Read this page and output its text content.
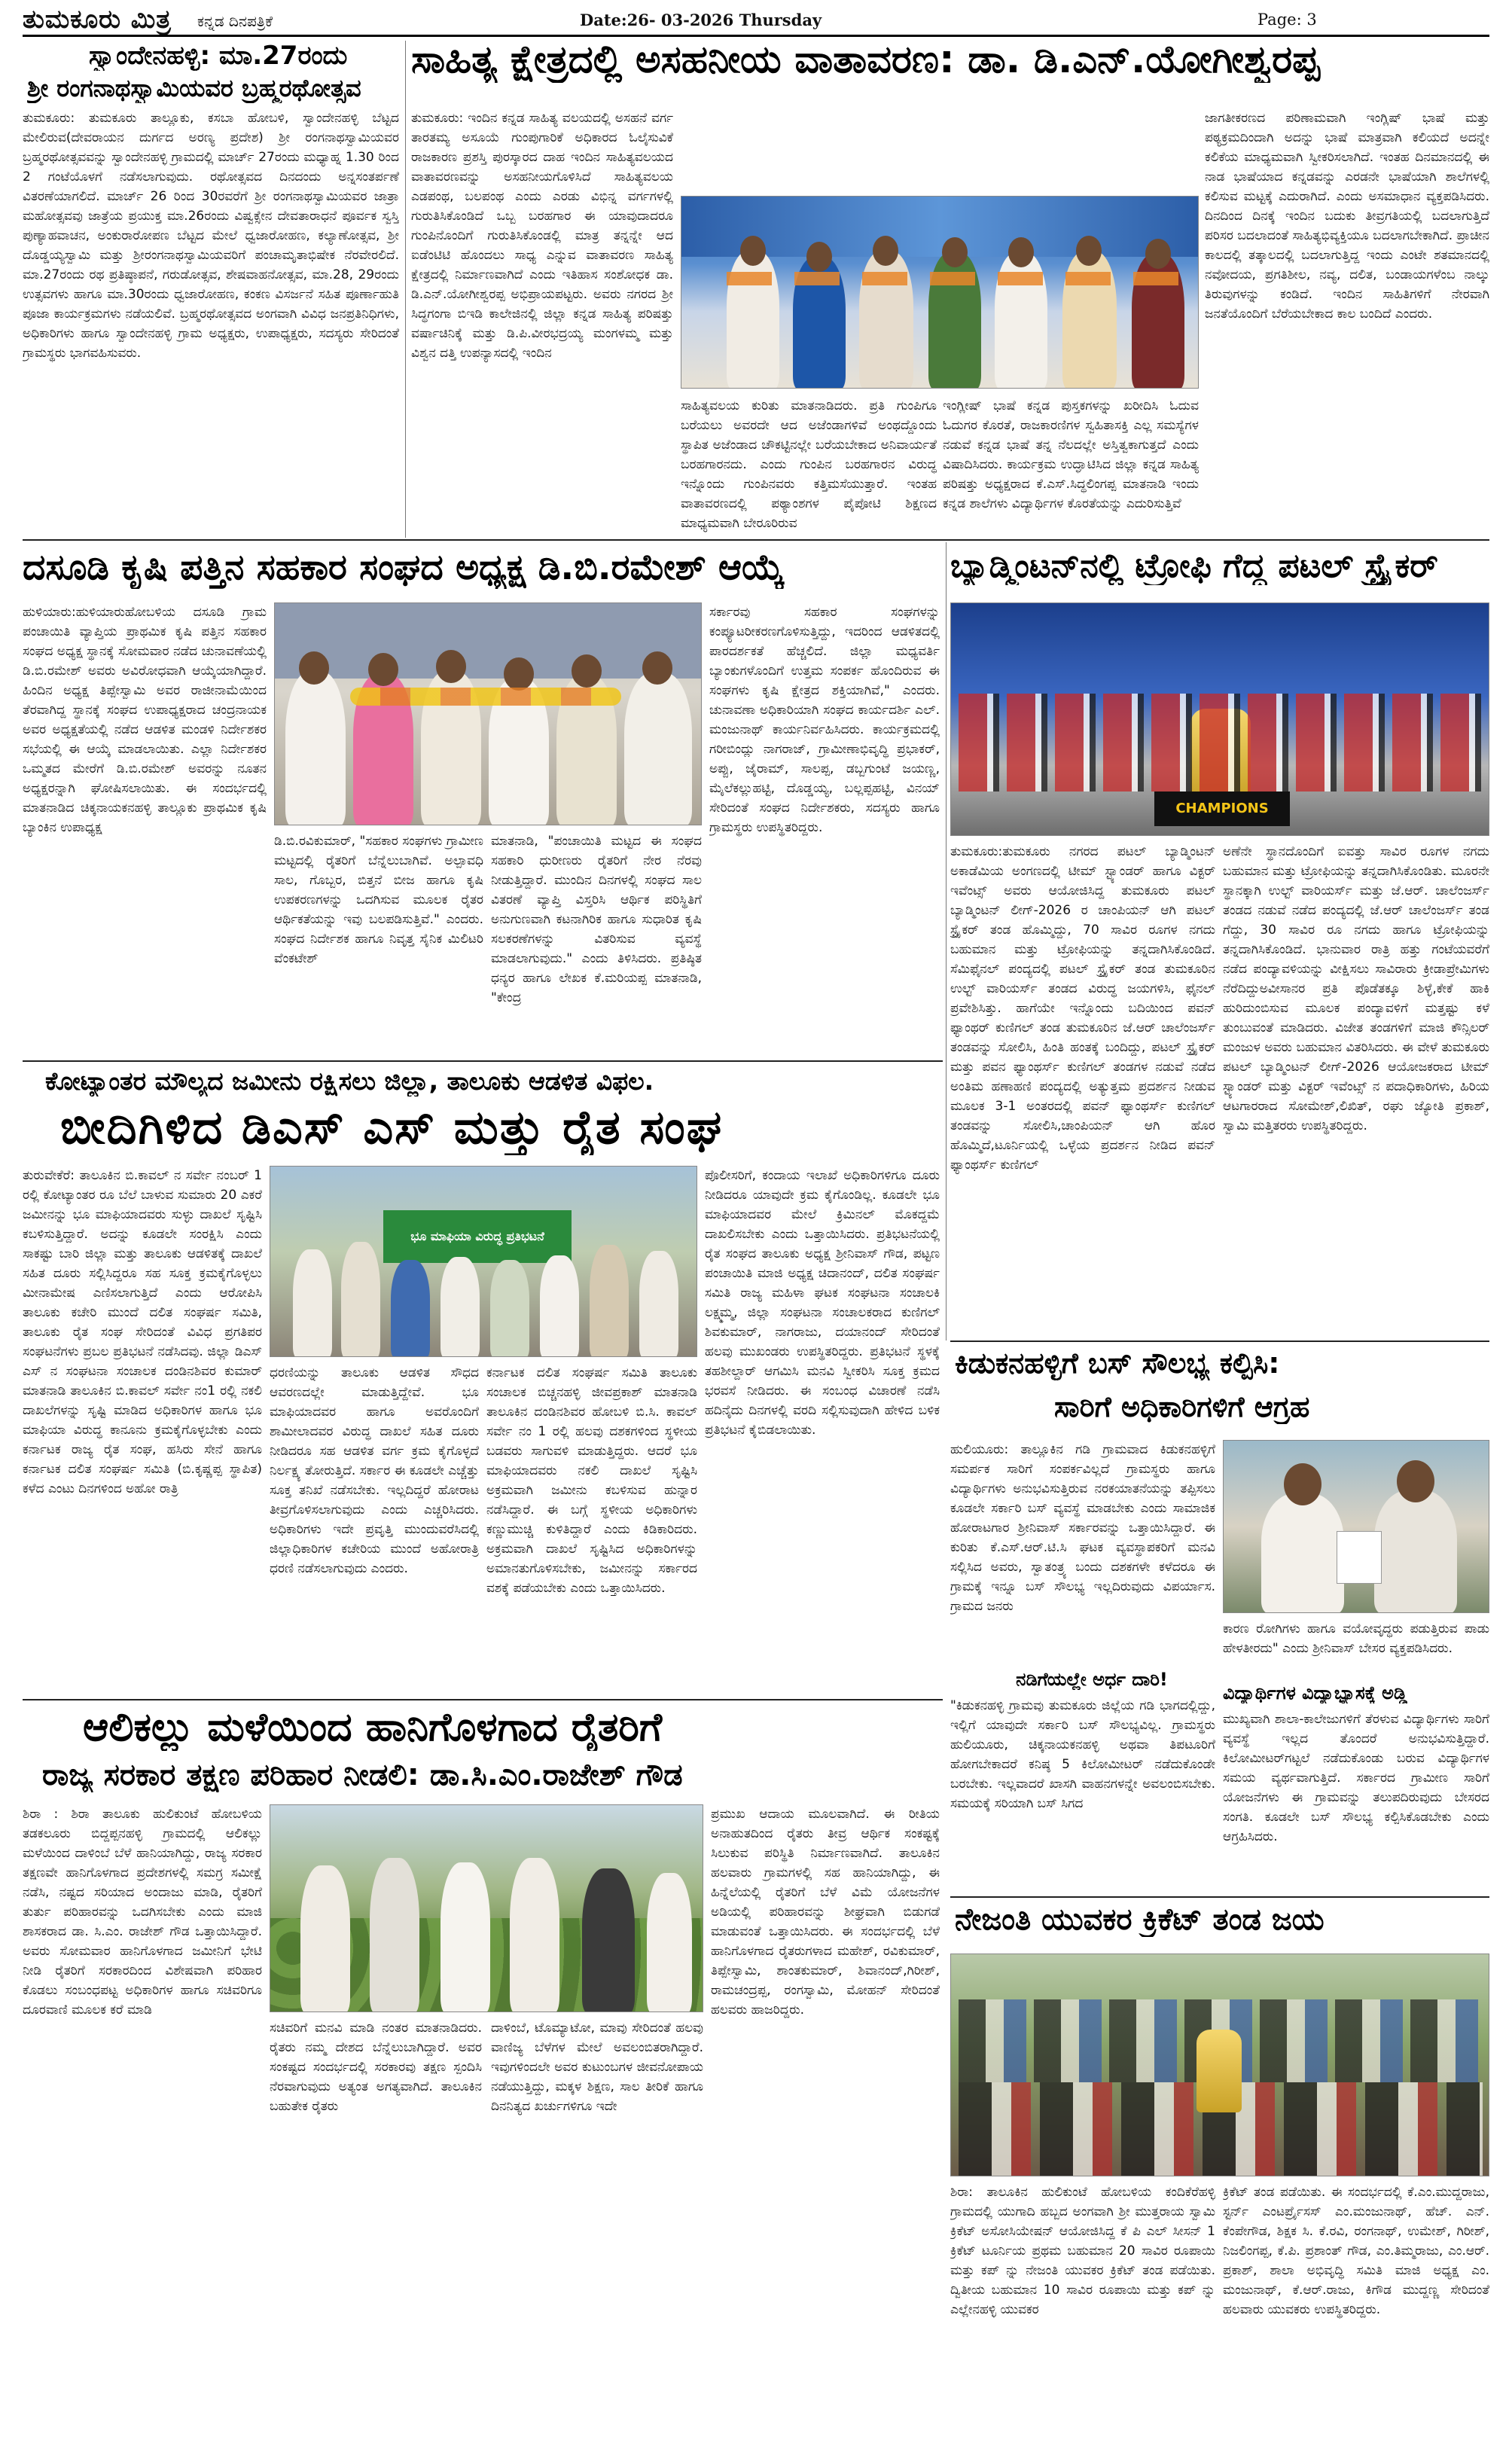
ತುಮಕೂರು ಮಿತ್ರ ಕನ್ನಡ ದಿನಪತ್ರಿಕೆ	Date:26- 03-2026 Thursday	Page: 3
ಸ್ವಾಂದೇನಹಳ್ಳಿ: ಮಾ.27ರಂದು
ಶ್ರೀ ರಂಗನಾಥಸ್ವಾಮಿಯವರ ಬ್ರಹ್ಮರಥೋತ್ಸವ
ತುಮಕೂರು: ತುಮಕೂರು ತಾಲ್ಲೂಕು, ಕಸಬಾ ಹೋಬಳಿ, ಸ್ವಾಂದೇನಹಳ್ಳಿ ಬೆಟ್ಟದ ಮೇಲಿರುವ(ದೇವರಾಯನ ದುರ್ಗದ ಅರಣ್ಯ ಪ್ರದೇಶ) ಶ್ರೀ ರಂಗನಾಥಸ್ವಾಮಿಯವರ ಬ್ರಹ್ಮರಥೋತ್ಸವವನ್ನು ಸ್ವಾಂದೇನಹಳ್ಳಿ ಗ್ರಾಮದಲ್ಲಿ ಮಾರ್ಚ್ 27ರಂದು ಮಧ್ಯಾಹ್ನ 1.30 ರಿಂದ 2 ಗಂಟೆಯೊಳಗೆ ನಡೆಸಲಾಗುವುದು. ರಥೋತ್ಸವದ ದಿನದಂದು ಅನ್ನಸಂತರ್ಪಣೆ ವಿತರಣೆಯಾಗಲಿದೆ. ಮಾರ್ಚ್ 26 ರಿಂದ 30ರವರೆಗೆ ಶ್ರೀ ರಂಗನಾಥಸ್ವಾಮಿಯವರ ಜಾತ್ರಾ ಮಹೋತ್ಸವವು ಜಾತ್ರೆಯ ಪ್ರಯುಕ್ತ ಮಾ.26ರಂದು ವಿಷ್ವಕ್ಸೇನ ದೇವತಾರಾಧನೆ ಪೂರ್ವಕ ಸ್ವಸ್ತಿ ಪುಣ್ಯಾಹವಾಚನ, ಅಂಕುರಾರೋಪಣ ಬೆಟ್ಟದ ಮೇಲೆ ಧ್ವಜಾರೋಹಣ, ಕಲ್ಯಾಣೋತ್ಸವ, ಶ್ರೀ ದೊಡ್ಡಯ್ಯಸ್ವಾಮಿ ಮತ್ತು ಶ್ರೀರಂಗನಾಥಸ್ವಾಮಿಯವರಿಗೆ ಪಂಚಾಮೃತಾಭಿಷೇಕ ನೆರವೇರಲಿದೆ. ಮಾ.27ರಂದು ರಥ ಪ್ರತಿಷ್ಠಾಪನೆ, ಗರುಡೋತ್ಸವ, ಶೇಷವಾಹನೋತ್ಸವ, ಮಾ.28, 29ರಂದು ಉತ್ಸವಗಳು ಹಾಗೂ ಮಾ.30ರಂದು ಧ್ವಜಾರೋಹಣ, ಕಂಕಣ ವಿಸರ್ಜನೆ ಸಹಿತ ಪೂರ್ಣಾಹುತಿ ಪೂಜಾ ಕಾರ್ಯಕ್ರಮಗಳು ನಡೆಯಲಿವೆ. ಬ್ರಹ್ಮರಥೋತ್ಸವದ ಅಂಗವಾಗಿ ವಿವಿಧ ಜನಪ್ರತಿನಿಧಿಗಳು, ಅಧಿಕಾರಿಗಳು ಹಾಗೂ ಸ್ವಾಂದೇನಹಳ್ಳಿ ಗ್ರಾಮ ಅಧ್ಯಕ್ಷರು, ಉಪಾಧ್ಯಕ್ಷರು, ಸದಸ್ಯರು ಸೇರಿದಂತೆ ಗ್ರಾಮಸ್ಥರು ಭಾಗವಹಿಸುವರು.
ಸಾಹಿತ್ಯ ಕ್ಷೇತ್ರದಲ್ಲಿ ಅಸಹನೀಯ ವಾತಾವರಣ: ಡಾ. ಡಿ.ಎನ್.ಯೋಗೀಶ್ವರಪ್ಪ
ತುಮಕೂರು: ಇಂದಿನ ಕನ್ನಡ ಸಾಹಿತ್ಯ ವಲಯದಲ್ಲಿ ಅಸಹನೆ ವರ್ಗ ತಾರತಮ್ಯ ಅಸೂಯೆ ಗುಂಪುಗಾರಿಕೆ ಅಧಿಕಾರದ ಓಲೈಸುವಿಕೆ ರಾಜಕಾರಣ ಪ್ರಶಸ್ತಿ ಪುರಸ್ಕಾರದ ದಾಹ ಇಂದಿನ ಸಾಹಿತ್ಯವಲಯದ ವಾತಾವರಣವನ್ನು ಅಸಹನೀಯಗೊಳಿಸಿದೆ ಸಾಹಿತ್ಯವಲಯ ಎಡಪಂಥ, ಬಲಪಂಥ ಎಂದು ಎರಡು ವಿಭಿನ್ನ ವರ್ಗಗಳಲ್ಲಿ ಗುರುತಿಸಿಕೊಂಡಿದೆ ಒಬ್ಬ ಬರಹಗಾರ ಈ ಯಾವುದಾದರೂ ಗುಂಪಿನೊಂದಿಗೆ ಗುರುತಿಸಿಕೊಂಡಲ್ಲಿ ಮಾತ್ರ ತನ್ನನ್ನೇ ಆದ ಐಡೆಂಟಿಟಿ ಹೊಂದಲು ಸಾಧ್ಯ ಎನ್ನುವ ವಾತಾವರಣ ಸಾಹಿತ್ಯ ಕ್ಷೇತ್ರದಲ್ಲಿ ನಿರ್ಮಾಣವಾಗಿದೆ ಎಂದು ಇತಿಹಾಸ ಸಂಶೋಧಕ ಡಾ. ಡಿ.ಎನ್.ಯೋಗೀಶ್ವರಪ್ಪ ಅಭಿಪ್ರಾಯಪಟ್ಟರು. ಅವರು ನಗರದ ಶ್ರೀ ಸಿದ್ಧಗಂಗಾ ಬಿಇಡಿ ಕಾಲೇಜಿನಲ್ಲಿ ಜಿಲ್ಲಾ ಕನ್ನಡ ಸಾಹಿತ್ಯ ಪರಿಷತ್ತು ವರ್ಷಾಚಿನಿಕ್ಕೆ ಮತ್ತು ಡಿ.ಪಿ.ವೀರಭದ್ರಯ್ಯ ಮಂಗಳಮ್ಮ ಮತ್ತು ವಿಶ್ವನ ದತ್ತಿ ಉಪನ್ಯಾಸದಲ್ಲಿ ಇಂದಿನ
ಸಾಹಿತ್ಯವಲಯ ಕುರಿತು ಮಾತನಾಡಿದರು. ಪ್ರತಿ ಗುಂಪಿಗೂ ಬರೆಯಲು ಅವರದೇ ಆದ ಅಜೆಂಡಾಗಳಿವೆ ಅಂಥದ್ದೊಂದು ಸ್ಥಾಪಿತ ಅಜೆಂಡಾದ ಚೌಕಟ್ಟಿನಲ್ಲೇ ಬರೆಯಬೇಕಾದ ಅನಿವಾರ್ಯತೆ ಬರಹಗಾರನದು. ಎಂದು ಗುಂಪಿನ ಬರಹಗಾರನ ವಿರುದ್ಧ ಇನ್ನೊಂದು ಗುಂಪಿನವರು ಕತ್ತಿಮಸೆಯುತ್ತಾರೆ. ಇಂತಹ ವಾತಾವರಣದಲ್ಲಿ ಪಠ್ಯಾಂಶಗಳ ಪೈಪೋಟಿ ಶಿಕ್ಷಣದ ಮಾಧ್ಯಮವಾಗಿ ಬೇರೂರಿರುವ
ಇಂಗ್ಲೀಷ್ ಭಾಷೆ ಕನ್ನಡ ಪುಸ್ತಕಗಳನ್ನು ಖರೀದಿಸಿ ಓದುವ ಓದುಗರ ಕೊರತೆ, ರಾಜಕಾರಣಿಗಳ ಸ್ವಹಿತಾಸಕ್ತಿ ಎಲ್ಲ ಸಮಸ್ಯೆಗಳ ನಡುವೆ ಕನ್ನಡ ಭಾಷೆ ತನ್ನ ನೆಲದಲ್ಲೇ ಅಸ್ತಿತ್ವಕಾಗುತ್ತದೆ ಎಂದು ವಿಷಾದಿಸಿದರು. ಕಾರ್ಯಕ್ರಮ ಉದ್ಘಾಟಿಸಿದ ಜಿಲ್ಲಾ ಕನ್ನಡ ಸಾಹಿತ್ಯ ಪರಿಷತ್ತು ಅಧ್ಯಕ್ಷರಾದ ಕೆ.ಎಸ್.ಸಿದ್ಧಲಿಂಗಪ್ಪ ಮಾತನಾಡಿ ಇಂದು ಕನ್ನಡ ಶಾಲೆಗಳು ವಿದ್ಯಾರ್ಥಿಗಳ ಕೊರತೆಯನ್ನು ಎದುರಿಸುತ್ತಿವೆ
ಜಾಗತೀಕರಣದ ಪರಿಣಾಮವಾಗಿ ಇಂಗ್ಲಿಷ್ ಭಾಷೆ ಮತ್ತು ಪಠ್ಯಕ್ರಮದಿಂದಾಗಿ ಅದನ್ನು ಭಾಷೆ ಮಾತ್ರವಾಗಿ ಕಲಿಯದೆ ಅದನ್ನೇ ಕಲಿಕೆಯ ಮಾಧ್ಯಮವಾಗಿ ಸ್ವೀಕರಿಸಲಾಗಿದೆ. ಇಂತಹ ದಿನಮಾನದಲ್ಲಿ ಈ ನಾಡ ಭಾಷೆಯಾದ ಕನ್ನಡವನ್ನು ಎರಡನೇ ಭಾಷೆಯಾಗಿ ಶಾಲೆಗಳಲ್ಲಿ ಕಲಿಸುವ ಮಟ್ಟಕ್ಕೆ ಎದುರಾಗಿದೆ. ಎಂದು ಅಸಮಾಧಾನ ವ್ಯಕ್ತಪಡಿಸಿದರು. ದಿನದಿಂದ ದಿನಕ್ಕೆ ಇಂದಿನ ಬದುಕು ತೀವ್ರಗತಿಯಲ್ಲಿ ಬದಲಾಗುತ್ತಿದೆ ಪರಿಸರ ಬದಲಾದಂತೆ ಸಾಹಿತ್ಯಭಿವ್ಯಕ್ತಿಯೂ ಬದಲಾಗಬೇಕಾಗಿದೆ. ಪ್ರಾಚೀನ ಕಾಲದಲ್ಲಿ ತತ್ಕಾಲದಲ್ಲಿ ಬದಲಾಗುತ್ತಿದ್ದ ಇಂದು ಎಂಟೇ ಶತಮಾನದಲ್ಲಿ ನವೋದಯ, ಪ್ರಗತಿಶೀಲ, ನವ್ಯ, ದಲಿತ, ಬಂಡಾಯಗಳೆಂಬ ನಾಲ್ಕು ತಿರುವುಗಳನ್ನು ಕಂಡಿದೆ. ಇಂದಿನ ಸಾಹಿತಿಗಳಿಗೆ ನೇರವಾಗಿ ಜನತೆಯೊಂದಿಗೆ ಬೆರೆಯಬೇಕಾದ ಕಾಲ ಬಂದಿದೆ ಎಂದರು.
ದಸೂಡಿ ಕೃಷಿ ಪತ್ತಿನ ಸಹಕಾರ ಸಂಘದ ಅಧ್ಯಕ್ಷ ಡಿ.ಬಿ.ರಮೇಶ್ ಆಯ್ಕೆ
ಹುಳಿಯಾರು:ಹುಳಿಯಾರುಹೋಬಳಿಯ ದಸೂಡಿ ಗ್ರಾಮ ಪಂಚಾಯಿತಿ ವ್ಯಾಪ್ತಿಯ ಪ್ರಾಥಮಿಕ ಕೃಷಿ ಪತ್ತಿನ ಸಹಕಾರ ಸಂಘದ ಅಧ್ಯಕ್ಷ ಸ್ಥಾನಕ್ಕೆ ಸೋಮವಾರ ನಡೆದ ಚುನಾವಣೆಯಲ್ಲಿ ಡಿ.ಬಿ.ರಮೇಶ್ ಅವರು ಅವಿರೋಧವಾಗಿ ಆಯ್ಕೆಯಾಗಿದ್ದಾರೆ. ಹಿಂದಿನ ಅಧ್ಯಕ್ಷ ತಿಪ್ಪೇಸ್ವಾಮಿ ಅವರ ರಾಜೀನಾಮೆಯಿಂದ ತೆರವಾಗಿದ್ದ ಸ್ಥಾನಕ್ಕೆ ಸಂಘದ ಉಪಾಧ್ಯಕ್ಷರಾದ ಚಂದ್ರನಾಯಕ ಅವರ ಅಧ್ಯಕ್ಷತೆಯಲ್ಲಿ ನಡೆದ ಆಡಳಿತ ಮಂಡಳಿ ನಿರ್ದೇಶಕರ ಸಭೆಯಲ್ಲಿ ಈ ಆಯ್ಕೆ ಮಾಡಲಾಯಿತು. ಎಲ್ಲಾ ನಿರ್ದೇಶಕರ ಒಮ್ಮತದ ಮೇರೆಗೆ ಡಿ.ಬಿ.ರಮೇಶ್ ಅವರನ್ನು ನೂತನ ಅಧ್ಯಕ್ಷರನ್ನಾಗಿ ಘೋಷಿಸಲಾಯಿತು. ಈ ಸಂದರ್ಭದಲ್ಲಿ ಮಾತನಾಡಿದ ಚಿಕ್ಕನಾಯಕನಹಳ್ಳಿ ತಾಲ್ಲೂಕು ಪ್ರಾಥಮಿಕ ಕೃಷಿ ಬ್ಯಾಂಕಿನ ಉಪಾಧ್ಯಕ್ಷ
ಡಿ.ಬಿ.ರವಿಕುಮಾರ್, "ಸಹಕಾರ ಸಂಘಗಳು ಗ್ರಾಮೀಣ ಮಟ್ಟದಲ್ಲಿ ರೈತರಿಗೆ ಬೆನ್ನೆಲುಬಾಗಿವೆ. ಅಲ್ಪಾವಧಿ ಸಾಲ, ಗೊಬ್ಬರ, ಬಿತ್ತನೆ ಬೀಜ ಹಾಗೂ ಕೃಷಿ ಉಪಕರಣಗಳನ್ನು ಒದಗಿಸುವ ಮೂಲಕ ರೈತರ ಆರ್ಥಿಕತೆಯನ್ನು ಇವು ಬಲಪಡಿಸುತ್ತಿವೆ." ಎಂದರು. ಸಂಘದ ನಿರ್ದೇಶಕ ಹಾಗೂ ನಿವೃತ್ತ ಸೈನಿಕ ಮಿಲಿಟರಿ ವೆಂಕಟೇಶ್
ಮಾತನಾಡಿ, "ಪಂಚಾಯಿತಿ ಮಟ್ಟದ ಈ ಸಂಘದ ಸಹಕಾರಿ ಧುರೀಣರು ರೈತರಿಗೆ ನೇರ ನೆರವು ನೀಡುತ್ತಿದ್ದಾರೆ. ಮುಂದಿನ ದಿನಗಳಲ್ಲಿ ಸಂಘದ ಸಾಲ ವಿತರಣೆ ವ್ಯಾಪ್ತಿ ವಿಸ್ತರಿಸಿ ಆರ್ಥಿಕ ಪರಿಸ್ಥಿತಿಗೆ ಅನುಗುಣವಾಗಿ ಕಟನಾಗಿರಿಕ ಹಾಗೂ ಸುಧಾರಿತ ಕೃಷಿ ಸಲಕರಣೆಗಳನ್ನು ವಿತರಿಸುವ ವ್ಯವಸ್ಥೆ ಮಾಡಲಾಗುವುದು." ಎಂದು ತಿಳಿಸಿದರು. ಪ್ರತಿಷ್ಠಿತ ಧನ್ಯರ ಹಾಗೂ ಲೇಖಕ ಕೆ.ಮರಿಯಪ್ಪ ಮಾತನಾಡಿ, "ಕೇಂದ್ರ
ಸರ್ಕಾರವು ಸಹಕಾರ ಸಂಘಗಳನ್ನು ಕಂಪ್ಯೂಟರೀಕರಣಗೊಳಿಸುತ್ತಿದ್ದು, ಇದರಿಂದ ಆಡಳಿತದಲ್ಲಿ ಪಾರದರ್ಶಕತೆ ಹೆಚ್ಚಲಿದೆ. ಜಿಲ್ಲಾ ಮಧ್ಯವರ್ತಿ ಬ್ಯಾಂಕುಗಳೊಂದಿಗೆ ಉತ್ತಮ ಸಂಪರ್ಕ ಹೊಂದಿರುವ ಈ ಸಂಘಗಳು ಕೃಷಿ ಕ್ಷೇತ್ರದ ಶಕ್ತಿಯಾಗಿವೆ," ಎಂದರು. ಚುನಾವಣಾ ಅಧಿಕಾರಿಯಾಗಿ ಸಂಘದ ಕಾರ್ಯದರ್ಶಿ ಎಲ್. ಮಂಜುನಾಥ್ ಕಾರ್ಯನಿರ್ವಹಿಸಿದರು. ಕಾರ್ಯಕ್ರಮದಲ್ಲಿ ಗರೀಬಿಂದ್ಲು ನಾಗರಾಜ್, ಗ್ರಾಮೀಣಾಭಿವೃದ್ಧಿ ಪ್ರಭಾಕರ್, ಅಪ್ಪು, ಜೈರಾಮ್, ಸಾಲಪ್ಪ, ಡಬ್ಬಗುಂಟೆ ಜಯಣ್ಣ, ಮೈಲೆಕಲ್ಲುಹಟ್ಟಿ, ದೊಡ್ಡಯ್ಯ, ಬಲ್ಲಪ್ಪಹಟ್ಟಿ, ವಿನಯ್ ಸೇರಿದಂತೆ ಸಂಘದ ನಿರ್ದೇಶಕರು, ಸದಸ್ಯರು ಹಾಗೂ ಗ್ರಾಮಸ್ಥರು ಉಪಸ್ಥಿತರಿದ್ದರು.
ಬ್ಯಾಡ್ಮಿಂಟನ್‌ನಲ್ಲಿ ಟ್ರೋಫಿ ಗೆದ್ದ ಪಟಲ್ ಸ್ಟ್ರೈಕರ್
CHAMPIONS
ತುಮಕೂರು:ತುಮಕೂರು ನಗರದ ಪಟಲ್ ಬ್ಯಾಡ್ಮಿಂಟನ್ ಅಕಾಡೆಮಿಯ ಅಂಗಣದಲ್ಲಿ ಟೀಮ್ ಸ್ಟ್ಯಾಂಡರ್ ಹಾಗೂ ವಿಕ್ಟರ್ ಇವೆಂಟ್ಸ್ ಅವರು ಆಯೋಜಿಸಿದ್ದ ತುಮಕೂರು ಪಟಲ್ ಬ್ಯಾಡ್ಮಿಂಟನ್ ಲೀಗ್-2026 ರ ಚಾಂಪಿಯನ್ ಆಗಿ ಪಟಲ್ ಸ್ಟ್ರೈಕರ್ ತಂಡ ಹೊಮ್ಮಿದ್ದು, 70 ಸಾವಿರ ರೂಗಳ ನಗದು ಬಹುಮಾನ ಮತ್ತು ಟ್ರೋಫಿಯನ್ನು ತನ್ನದಾಗಿಸಿಕೊಂಡಿದೆ. ಸೆಮಿಫೈನಲ್ ಪಂದ್ಯದಲ್ಲಿ ಪಟಲ್ ಸ್ಟ್ರೈಕರ್ ತಂಡ ತುಮಕೂರಿನ ಉಲ್ಟ್ ವಾರಿಯರ್ಸ್ ತಂಡದ ವಿರುದ್ಧ ಜಯಗಳಿಸಿ, ಫೈನಲ್ ಪ್ರವೇಶಿಸಿತ್ತು. ಹಾಗೆಯೇ ಇನ್ನೊಂದು ಬದಿಯಿಂದ ಪವನ್ ಫ್ಯಾಂಥರ್ ಕುಣಿಗಲ್ ತಂಡ ತುಮಕೂರಿನ ಜೆ.ಆರ್ ಚಾಲೆಂಜರ್ಸ್ ತಂಡವನ್ನು ಸೋಲಿಸಿ, ಹಿಂತಿ ಹಂತಕ್ಕೆ ಬಂದಿದ್ದು, ಪಟಲ್ ಸ್ಟ್ರೈಕರ್ ಮತ್ತು ಪವನ ಫ್ಯಾಂಥರ್ಸ್ ಕುಣಿಗಲ್ ತಂಡಗಳ ನಡುವೆ ನಡೆದ ಅಂತಿಮ ಹಣಾಹಣಿ ಪಂದ್ಯದಲ್ಲಿ ಅತ್ಯುತ್ತಮ ಪ್ರದರ್ಶನ ನೀಡುವ ಮೂಲಕ 3-1 ಅಂತರದಲ್ಲಿ ಪವನ್ ಫ್ಯಾಂಥರ್ಸ್ ಕುಣಿಗಲ್ ತಂಡವನ್ನು ಸೋಲಿಸಿ,ಚಾಂಪಿಯನ್ ಆಗಿ ಹೊರ ಹೊಮ್ಮಿದೆ,ಟೂರ್ನಿಯಲ್ಲಿ ಒಳ್ಳೆಯ ಪ್ರದರ್ಶನ ನೀಡಿದ ಪವನ್ ಫ್ಯಾಂಥರ್ಸ್ ಕುಣಿಗಲ್
ಅಣೆನೇ ಸ್ಥಾನದೊಂದಿಗೆ ಐವತ್ತು ಸಾವಿರ ರೂಗಳ ನಗದು ಬಹುಮಾನ ಮತ್ತು ಟ್ರೋಫಿಯನ್ನು ತನ್ನದಾಗಿಸಿಕೊಂಡಿತು. ಮೂರನೇ ಸ್ಥಾನಕ್ಕಾಗಿ ಉಲ್ಟ್ ವಾರಿಯರ್ಸ್ ಮತ್ತು ಜೆ.ಆರ್. ಚಾಲೆಂಜರ್ಸ್ ತಂಡದ ನಡುವೆ ನಡೆದ ಪಂದ್ಯದಲ್ಲಿ ಜೆ.ಆರ್ ಚಾಲೆಂಜರ್ಸ್ ತಂಡ ಗೆದ್ದು, 30 ಸಾವಿರ ರೂ ನಗದು ಹಾಗೂ ಟ್ರೋಫಿಯನ್ನು ತನ್ನದಾಗಿಸಿಕೊಂಡಿದೆ. ಭಾನುವಾರ ರಾತ್ರಿ ಹತ್ತು ಗಂಟೆಯವರೆಗೆ ನಡೆದ ಪಂದ್ಯಾವಳಿಯನ್ನು ವೀಕ್ಷಿಸಲು ಸಾವಿರಾರು ಕ್ರೀಡಾಪ್ರೇಮಿಗಳು ನೆರೆದಿದ್ದುಅವೀಸಾನರ ಪ್ರತಿ ಪೊಡೆತಕ್ಕೂ ಶಿಳ್ಳೆ,ಕೇಕೆ ಹಾಕಿ ಹುರಿದುಂಬಿಸುವ ಮೂಲಕ ಪಂದ್ಯಾವಳಿಗೆ ಮತ್ತಷ್ಟು ಕಳೆ ತುಂಬುವಂತೆ ಮಾಡಿದರು. ವಿಜೇತ ತಂಡಗಳಿಗೆ ಮಾಜಿ ಕೌನ್ಸಿಲರ್ ಮಂಜುಳ ಅವರು ಬಹುಮಾನ ವಿತರಿಸಿದರು. ಈ ವೇಳೆ ತುಮಕೂರು ಪಟಲ್ ಬ್ಯಾಡ್ಮಿಂಟನ್ ಲೀಗ್-2026 ಆಯೋಜಕರಾದ ಟೀಮ್ ಸ್ಟ್ಯಾಂಡರ್ ಮತ್ತು ವಿಕ್ಟರ್ ಇವೆಂಟ್ಸ್ ನ ಪದಾಧಿಕಾರಿಗಳು, ಹಿರಿಯ ಆಟಗಾರರಾದ ಸೋಮೇಶ್,ಲಿಖಿತ್, ರಘು ಜ್ಯೋತಿ ಪ್ರಕಾಶ್, ಸ್ವಾಮಿ ಮತ್ತಿತರರು ಉಪಸ್ಥಿತರಿದ್ದರು.
ಕೋಟ್ಯಾಂತರ ಮೌಲ್ಯದ ಜಮೀನು ರಕ್ಷಿಸಲು ಜಿಲ್ಲಾ, ತಾಲೂಕು ಆಡಳಿತ ವಿಫಲ.
ಬೀದಿಗಿಳಿದ ಡಿಎಸ್ ಎಸ್ ಮತ್ತು ರೈತ ಸಂಘ
ತುರುವೇಕೆರೆ: ತಾಲೂಕಿನ ಬಿ.ಕಾವಲ್ ನ ಸರ್ವೇ ನಂಬರ್ 1 ರಲ್ಲಿ ಕೋಟ್ಯಾಂತರ ರೂ ಬೆಲೆ ಬಾಳುವ ಸುಮಾರು 20 ಎಕರೆ ಜಮೀನನ್ನು ಭೂ ಮಾಫಿಯಾದವರು ಸುಳ್ಳು ದಾಖಲೆ ಸೃಷ್ಟಿಸಿ ಕಬಳಿಸುತ್ತಿದ್ದಾರೆ. ಅದನ್ನು ಕೂಡಲೇ ಸಂರಕ್ಷಿಸಿ ಎಂದು ಸಾಕಷ್ಟು ಬಾರಿ ಜಿಲ್ಲಾ ಮತ್ತು ತಾಲೂಕು ಆಡಳಿತಕ್ಕೆ ದಾಖಲೆ ಸಹಿತ ದೂರು ಸಲ್ಲಿಸಿದ್ದರೂ ಸಹ ಸೂಕ್ತ ಕ್ರಮಕೈಗೊಳ್ಳಲು ಮೀನಾಮೇಷ ಎಣಿಸಲಾಗುತ್ತಿದೆ ಎಂದು ಆರೋಪಿಸಿ ತಾಲೂಕು ಕಚೇರಿ ಮುಂದೆ ದಲಿತ ಸಂಘರ್ಷ ಸಮಿತಿ, ತಾಲೂಕು ರೈತ ಸಂಘ ಸೇರಿದಂತೆ ವಿವಿಧ ಪ್ರಗತಿಪರ ಸಂಘಟನೆಗಳು ಪ್ರಬಲ ಪ್ರತಿಭಟನೆ ನಡೆಸಿದವು. ಜಿಲ್ಲಾ ಡಿಎಸ್ ಎಸ್ ನ ಸಂಘಟನಾ ಸಂಚಾಲಕ ದಂಡಿನಶಿವರ ಕುಮಾರ್ ಮಾತನಾಡಿ ತಾಲೂಕಿನ ಬಿ.ಕಾವಲ್ ಸರ್ವೇ ನಂ1 ರಲ್ಲಿ ನಕಲಿ ದಾಖಲೆಗಳನ್ನು ಸೃಷ್ಟಿ ಮಾಡಿದ ಅಧಿಕಾರಿಗಳ ಹಾಗೂ ಭೂ ಮಾಫಿಯಾ ವಿರುದ್ಧ ಕಾನೂನು ಕ್ರಮಕೈಗೊಳ್ಳಬೇಕು ಎಂದು ಕರ್ನಾಟಕ ರಾಜ್ಯ ರೈತ ಸಂಘ, ಹಸಿರು ಸೇನೆ ಹಾಗೂ ಕರ್ನಾಟಕ ದಲಿತ ಸಂಘರ್ಷ ಸಮಿತಿ (ಬಿ.ಕೃಷ್ಣಪ್ಪ ಸ್ಥಾಪಿತ) ಕಳೆದ ಎಂಟು ದಿನಗಳಿಂದ ಅಹೋ ರಾತ್ರಿ
ಭೂ ಮಾಫಿಯಾ ವಿರುದ್ಧ ಪ್ರತಿಭಟನೆ
ಧರಣಿಯನ್ನು ತಾಲೂಕು ಆಡಳಿತ ಸೌಧದ ಆವರಣದಲ್ಲೇ ಮಾಡುತ್ತಿದ್ದೇವೆ. ಭೂ ಮಾಫಿಯಾದವರ ಹಾಗೂ ಅವರೊಂದಿಗೆ ಶಾಮೀಲಾದವರ ವಿರುದ್ಧ ದಾಖಲೆ ಸಹಿತ ದೂರು ನೀಡಿದರೂ ಸಹ ಆಡಳಿತ ವರ್ಗ ಕ್ರಮ ಕೈಗೊಳ್ಳದೆ ನಿರ್ಲಕ್ಷ್ಯ ತೋರುತ್ತಿದೆ. ಸರ್ಕಾರ ಈ ಕೂಡಲೇ ಎಚ್ಚೆತ್ತು ಸೂಕ್ತ ತನಿಖೆ ನಡೆಸಬೇಕು. ಇಲ್ಲದಿದ್ದರೆ ಹೋರಾಟ ತೀವ್ರಗೊಳಿಸಲಾಗುವುದು ಎಂದು ಎಚ್ಚರಿಸಿದರು. ಅಧಿಕಾರಿಗಳು ಇದೇ ಪ್ರವೃತ್ತಿ ಮುಂದುವರೆಸಿದಲ್ಲಿ ಜಿಲ್ಲಾಧಿಕಾರಿಗಳ ಕಚೇರಿಯ ಮುಂದೆ ಅಹೋರಾತ್ರಿ ಧರಣಿ ನಡೆಸಲಾಗುವುದು ಎಂದರು.
ಕರ್ನಾಟಕ ದಲಿತ ಸಂಘರ್ಷ ಸಮಿತಿ ತಾಲೂಕು ಸಂಚಾಲಕ ಬಿಚ್ಚನಹಳ್ಳಿ ಜೀವಪ್ರಕಾಶ್ ಮಾತನಾಡಿ ತಾಲೂಕಿನ ದಂಡಿನಶಿವರ ಹೋಬಳಿ ಬಿ.ಸಿ. ಕಾವಲ್ ಸರ್ವೇ ನಂ 1 ರಲ್ಲಿ ಹಲವು ದಶಕಗಳಿಂದ ಸ್ಥಳೀಯ ಬಡವರು ಸಾಗುವಳಿ ಮಾಡುತ್ತಿದ್ದರು. ಆದರೆ ಭೂ ಮಾಫಿಯಾದವರು ನಕಲಿ ದಾಖಲೆ ಸೃಷ್ಟಿಸಿ ಅಕ್ರಮವಾಗಿ ಜಮೀನು ಕಬಳಿಸುವ ಹುನ್ನಾರ ನಡೆಸಿದ್ದಾರೆ. ಈ ಬಗ್ಗೆ ಸ್ಥಳೀಯ ಅಧಿಕಾರಿಗಳು ಕಣ್ಣುಮುಚ್ಚಿ ಕುಳಿತಿದ್ದಾರೆ ಎಂದು ಕಿಡಿಕಾರಿದರು. ಅಕ್ರಮವಾಗಿ ದಾಖಲೆ ಸೃಷ್ಟಿಸಿದ ಅಧಿಕಾರಿಗಳನ್ನು ಅಮಾನತುಗೊಳಿಸಬೇಕು, ಜಮೀನನ್ನು ಸರ್ಕಾರದ ವಶಕ್ಕೆ ಪಡೆಯಬೇಕು ಎಂದು ಒತ್ತಾಯಿಸಿದರು.
ಪೊಲೀಸರಿಗೆ, ಕಂದಾಯ ಇಲಾಖೆ ಅಧಿಕಾರಿಗಳಿಗೂ ದೂರು ನೀಡಿದರೂ ಯಾವುದೇ ಕ್ರಮ ಕೈಗೊಂಡಿಲ್ಲ. ಕೂಡಲೇ ಭೂ ಮಾಫಿಯಾದವರ ಮೇಲೆ ಕ್ರಿಮಿನಲ್ ಮೊಕದ್ದಮೆ ದಾಖಲಿಸಬೇಕು ಎಂದು ಒತ್ತಾಯಿಸಿದರು. ಪ್ರತಿಭಟನೆಯಲ್ಲಿ ರೈತ ಸಂಘದ ತಾಲೂಕು ಅಧ್ಯಕ್ಷ ಶ್ರೀನಿವಾಸ್ ಗೌಡ, ಪಟ್ಟಣ ಪಂಚಾಯಿತಿ ಮಾಜಿ ಅಧ್ಯಕ್ಷ ಚಿದಾನಂದ್, ದಲಿತ ಸಂಘರ್ಷ ಸಮಿತಿ ರಾಜ್ಯ ಮಹಿಳಾ ಘಟಕ ಸಂಘಟನಾ ಸಂಚಾಲಕಿ ಲಕ್ಷ್ಮಮ್ಮ, ಜಿಲ್ಲಾ ಸಂಘಟನಾ ಸಂಚಾಲಕರಾದ ಕುಣಿಗಲ್ ಶಿವಕುಮಾರ್, ನಾಗರಾಜು, ದಯಾನಂದ್ ಸೇರಿದಂತೆ ಹಲವು ಮುಖಂಡರು ಉಪಸ್ಥಿತರಿದ್ದರು. ಪ್ರತಿಭಟನೆ ಸ್ಥಳಕ್ಕೆ ತಹಶೀಲ್ದಾರ್ ಆಗಮಿಸಿ ಮನವಿ ಸ್ವೀಕರಿಸಿ ಸೂಕ್ತ ಕ್ರಮದ ಭರವಸೆ ನೀಡಿದರು. ಈ ಸಂಬಂಧ ವಿಚಾರಣೆ ನಡೆಸಿ ಹದಿನೈದು ದಿನಗಳಲ್ಲಿ ವರದಿ ಸಲ್ಲಿಸುವುದಾಗಿ ಹೇಳಿದ ಬಳಿಕ ಪ್ರತಿಭಟನೆ ಕೈಬಿಡಲಾಯಿತು.
ಕಿಡುಕನಹಳ್ಳಿಗೆ ಬಸ್ ಸೌಲಭ್ಯ ಕಲ್ಪಿಸಿ:
ಸಾರಿಗೆ ಅಧಿಕಾರಿಗಳಿಗೆ ಆಗ್ರಹ
ಹುಲಿಯೂರು: ತಾಲ್ಲೂಕಿನ ಗಡಿ ಗ್ರಾಮವಾದ ಕಿಡುಕನಹಳ್ಳಿಗೆ ಸಮರ್ಪಕ ಸಾರಿಗೆ ಸಂಪರ್ಕವಿಲ್ಲದೆ ಗ್ರಾಮಸ್ಥರು ಹಾಗೂ ವಿದ್ಯಾರ್ಥಿಗಳು ಅನುಭವಿಸುತ್ತಿರುವ ನರಕಯಾತನೆಯನ್ನು ತಪ್ಪಿಸಲು ಕೂಡಲೇ ಸರ್ಕಾರಿ ಬಸ್ ವ್ಯವಸ್ಥೆ ಮಾಡಬೇಕು ಎಂದು ಸಾಮಾಜಿಕ ಹೋರಾಟಗಾರ ಶ್ರೀನಿವಾಸ್ ಸರ್ಕಾರವನ್ನು ಒತ್ತಾಯಿಸಿದ್ದಾರೆ. ಈ ಕುರಿತು ಕೆ.ಎಸ್.ಆರ್.ಟಿ.ಸಿ ಘಟಕ ವ್ಯವಸ್ಥಾಪಕರಿಗೆ ಮನವಿ ಸಲ್ಲಿಸಿದ ಅವರು, ಸ್ವಾತಂತ್ರ್ಯ ಬಂದು ದಶಕಗಳೇ ಕಳೆದರೂ ಈ ಗ್ರಾಮಕ್ಕೆ ಇನ್ನೂ ಬಸ್ ಸೌಲಭ್ಯ ಇಲ್ಲದಿರುವುದು ವಿಪರ್ಯಾಸ. ಗ್ರಾಮದ ಜನರು
ಕಾರಣ ರೋಗಿಗಳು ಹಾಗೂ ವಯೋವೃದ್ಧರು ಪಡುತ್ತಿರುವ ಪಾಡು ಹೇಳತೀರದು" ಎಂದು ಶ್ರೀನಿವಾಸ್ ಬೇಸರ ವ್ಯಕ್ತಪಡಿಸಿದರು.
ವಿದ್ಯಾರ್ಥಿಗಳ ವಿದ್ಯಾಭ್ಯಾಸಕ್ಕೆ ಅಡ್ಡಿ
ಮುಖ್ಯವಾಗಿ ಶಾಲಾ-ಕಾಲೇಜುಗಳಿಗೆ ತೆರಳುವ ವಿದ್ಯಾರ್ಥಿಗಳು ಸಾರಿಗೆ ವ್ಯವಸ್ಥೆ ಇಲ್ಲದ ತೊಂದರೆ ಅನುಭವಿಸುತ್ತಿದ್ದಾರೆ. ಕಿಲೋಮೀಟರ್‌ಗಟ್ಟಲೆ ನಡೆದುಕೊಂಡು ಬರುವ ವಿದ್ಯಾರ್ಥಿಗಳ ಸಮಯ ವ್ಯರ್ಥವಾಗುತ್ತಿದೆ. ಸರ್ಕಾರದ ಗ್ರಾಮೀಣ ಸಾರಿಗೆ ಯೋಜನೆಗಳು ಈ ಗ್ರಾಮವನ್ನು ತಲುಪದಿರುವುದು ಬೇಸರದ ಸಂಗತಿ. ಕೂಡಲೇ ಬಸ್ ಸೌಲಭ್ಯ ಕಲ್ಪಿಸಿಕೊಡಬೇಕು ಎಂದು ಆಗ್ರಹಿಸಿದರು.
ನಡಿಗೆಯಲ್ಲೇ ಅರ್ಧ ದಾರಿ!
"ಕಿಡುಕನಹಳ್ಳಿ ಗ್ರಾಮವು ತುಮಕೂರು ಜಿಲ್ಲೆಯ ಗಡಿ ಭಾಗದಲ್ಲಿದ್ದು, ಇಲ್ಲಿಗೆ ಯಾವುದೇ ಸರ್ಕಾರಿ ಬಸ್ ಸೌಲಭ್ಯವಿಲ್ಲ. ಗ್ರಾಮಸ್ಥರು ಹುಲಿಯೂರು, ಚಿಕ್ಕನಾಯಕನಹಳ್ಳಿ ಅಥವಾ ತಿಪಟೂರಿಗೆ ಹೋಗಬೇಕಾದರೆ ಕನಿಷ್ಠ 5 ಕಿಲೋಮೀಟರ್ ನಡೆದುಕೊಂಡೇ ಬರಬೇಕು. ಇಲ್ಲವಾದರೆ ಖಾಸಗಿ ವಾಹನಗಳನ್ನೇ ಅವಲಂಬಿಸಬೇಕು. ಸಮಯಕ್ಕೆ ಸರಿಯಾಗಿ ಬಸ್ ಸಿಗದ
ಆಲಿಕಲ್ಲು ಮಳೆಯಿಂದ ಹಾನಿಗೊಳಗಾದ ರೈತರಿಗೆ
ರಾಜ್ಯ ಸರಕಾರ ತಕ್ಷಣ ಪರಿಹಾರ ನೀಡಲಿ: ಡಾ.ಸಿ.ಎಂ.ರಾಜೇಶ್ ಗೌಡ
ಶಿರಾ : ಶಿರಾ ತಾಲೂಕು ಹುಲಿಕುಂಟೆ ಹೋಬಳಿಯ ತಡಕಲೂರು ಬಿದ್ದಪ್ಪನಹಳ್ಳಿ ಗ್ರಾಮದಲ್ಲಿ ಆಲಿಕಲ್ಲು ಮಳೆಯಿಂದ ದಾಳಿಂಬೆ ಬೆಳೆ ಹಾನಿಯಾಗಿದ್ದು, ರಾಜ್ಯ ಸರಕಾರ ತಕ್ಷಣವೇ ಹಾನಿಗೊಳಗಾದ ಪ್ರದೇಶಗಳಲ್ಲಿ ಸಮಗ್ರ ಸಮೀಕ್ಷೆ ನಡೆಸಿ, ನಷ್ಟದ ಸರಿಯಾದ ಅಂದಾಜು ಮಾಡಿ, ರೈತರಿಗೆ ತುರ್ತು ಪರಿಹಾರವನ್ನು ಒದಗಿಸಬೇಕು ಎಂದು ಮಾಜಿ ಶಾಸಕರಾದ ಡಾ. ಸಿ.ಎಂ. ರಾಜೇಶ್ ಗೌಡ ಒತ್ತಾಯಿಸಿದ್ದಾರೆ. ಅವರು ಸೋಮವಾರ ಹಾನಿಗೊಳಗಾದ ಜಮೀನಿಗೆ ಭೇಟಿ ನೀಡಿ ರೈತರಿಗೆ ಸರಕಾರದಿಂದ ವಿಶೇಷವಾಗಿ ಪರಿಹಾರ ಕೊಡಲು ಸಂಬಂಧಪಟ್ಟ ಅಧಿಕಾರಿಗಳ ಹಾಗೂ ಸಚಿವರಿಗೂ ದೂರವಾಣಿ ಮೂಲಕ ಕರೆ ಮಾಡಿ
ಸಚಿವರಿಗೆ ಮನವಿ ಮಾಡಿ ನಂತರ ಮಾತನಾಡಿದರು. ರೈತರು ನಮ್ಮ ದೇಶದ ಬೆನ್ನೆಲುಬಾಗಿದ್ದಾರೆ. ಅವರ ಸಂಕಷ್ಟದ ಸಂದರ್ಭದಲ್ಲಿ ಸರಕಾರವು ತಕ್ಷಣ ಸ್ಪಂದಿಸಿ ನೆರವಾಗುವುದು ಅತ್ಯಂತ ಅಗತ್ಯವಾಗಿದೆ. ತಾಲೂಕಿನ ಬಹುತೇಕ ರೈತರು
ದಾಳಿಂಬೆ, ಟೊಮ್ಯಾಟೋ, ಮಾವು ಸೇರಿದಂತೆ ಹಲವು ವಾಣಿಜ್ಯ ಬೆಳೆಗಳ ಮೇಲೆ ಅವಲಂಬಿತರಾಗಿದ್ದಾರೆ. ಇವುಗಳಿಂದಲೇ ಅವರ ಕುಟುಂಬಗಳ ಜೀವನೋಪಾಯ ನಡೆಯುತ್ತಿದ್ದು, ಮಕ್ಕಳ ಶಿಕ್ಷಣ, ಸಾಲ ತೀರಿಕೆ ಹಾಗೂ ದಿನನಿತ್ಯದ ಖರ್ಚುಗಳಿಗೂ ಇದೇ
ಪ್ರಮುಖ ಆದಾಯ ಮೂಲವಾಗಿದೆ. ಈ ರೀತಿಯ ಅನಾಹುತದಿಂದ ರೈತರು ತೀವ್ರ ಆರ್ಥಿಕ ಸಂಕಷ್ಟಕ್ಕೆ ಸಿಲುಕುವ ಪರಿಸ್ಥಿತಿ ನಿರ್ಮಾಣವಾಗಿದೆ. ತಾಲೂಕಿನ ಹಲವಾರು ಗ್ರಾಮಗಳಲ್ಲಿ ಸಹ ಹಾನಿಯಾಗಿದ್ದು, ಈ ಹಿನ್ನೆಲೆಯಲ್ಲಿ ರೈತರಿಗೆ ಬೆಳೆ ವಿಮೆ ಯೋಜನೆಗಳ ಅಡಿಯಲ್ಲಿ ಪರಿಹಾರವನ್ನು ಶೀಘ್ರವಾಗಿ ಬಿಡುಗಡೆ ಮಾಡುವಂತೆ ಒತ್ತಾಯಿಸಿದರು. ಈ ಸಂದರ್ಭದಲ್ಲಿ ಬೆಳೆ ಹಾನಿಗೊಳಗಾದ ರೈತರುಗಳಾದ ಮಹೇಶ್, ರವಿಕುಮಾರ್, ತಿಪ್ಪೇಸ್ವಾಮಿ, ಶಾಂತಕುಮಾರ್, ಶಿವಾನಂದ್,ಗಿರೀಶ್, ರಾಮಚಂದ್ರಪ್ಪ, ರಂಗಸ್ವಾಮಿ, ಮೋಹನ್ ಸೇರಿದಂತೆ ಹಲವರು ಹಾಜರಿದ್ದರು.
ನೇಜಂತಿ ಯುವಕರ ಕ್ರಿಕೆಟ್ ತಂಡ ಜಯ
ಶಿರಾ: ತಾಲೂಕಿನ ಹುಲಿಕುಂಟೆ ಹೋಬಳಿಯ ಕಂದಿಕೆರೆಹಳ್ಳಿ ಗ್ರಾಮದಲ್ಲಿ ಯುಗಾದಿ ಹಬ್ಬದ ಅಂಗವಾಗಿ ಶ್ರೀ ಮುತ್ತರಾಯ ಸ್ವಾಮಿ ಕ್ರಿಕೆಟ್ ಅಸೋಸಿಯೇಷನ್ ಆಯೋಜಿಸಿದ್ದ ಕೆ ಪಿ ಎಲ್ ಸೀಸನ್ 1 ಕ್ರಿಕೆಟ್ ಟೂರ್ನಿಯ ಪ್ರಥಮ ಬಹುಮಾನ 20 ಸಾವಿರ ರೂಪಾಯಿ ಮತ್ತು ಕಪ್ ನ್ನು ನೇಜಂತಿ ಯುವಕರ ಕ್ರಿಕೆಟ್ ತಂಡ ಪಡೆಯಿತು. ದ್ವಿತೀಯ ಬಹುಮಾನ 10 ಸಾವಿರ ರೂಪಾಯಿ ಮತ್ತು ಕಪ್ ನ್ನು ಎಲ್ಲೇನಹಳ್ಳಿ ಯುವಕರ
ಕ್ರಿಕೆಟ್ ತಂಡ ಪಡೆಯಿತು. ಈ ಸಂದರ್ಭದಲ್ಲಿ ಕೆ.ಎಂ.ಮುದ್ದರಾಜು, ಸ್ಟರ್ನ್ ಎಂಟರ್ಪ್ರೈಸಸ್ ಎಂ.ಮಂಜುನಾಥ್, ಹೆಚ್. ಎನ್. ಕೆಂಪೇಗೌಡ, ಶಿಕ್ಷಕ ಸಿ. ಕೆ.ರವಿ, ರಂಗನಾಥ್, ಉಮೇಶ್, ಗಿರೀಶ್, ನಿಜಲಿಂಗಪ್ಪ, ಕೆ.ಪಿ. ಪ್ರಶಾಂತ್ ಗೌಡ, ಎಂ.ತಿಮ್ಮರಾಜು, ಎಂ.ಆರ್. ಪ್ರಕಾಶ್, ಶಾಲಾ ಅಭಿವೃದ್ಧಿ ಸಮಿತಿ ಮಾಜಿ ಅಧ್ಯಕ್ಷ ಎಂ. ಮಂಜುನಾಥ್, ಕೆ.ಆರ್.ರಾಜು, ಕಿಗೌಡ ಮುದ್ದಣ್ಣ ಸೇರಿದಂತೆ ಹಲವಾರು ಯುವಕರು ಉಪಸ್ಥಿತರಿದ್ದರು.
